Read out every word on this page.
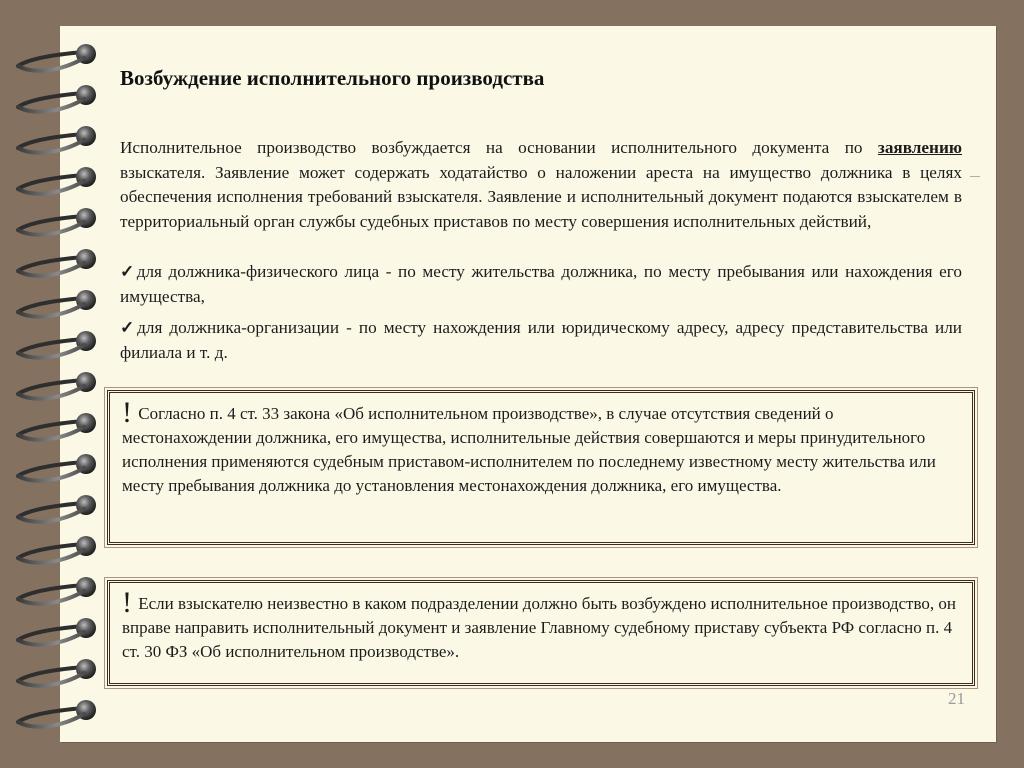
Возбуждение исполнительного производства

Исполнительное производство возбуждается на основании исполнительного документа по заявлению взыскателя. Заявление может содержать ходатайство о наложении ареста на имущество должника в целях обеспечения исполнения требований взыскателя. Заявление и исполнительный документ подаются взыскателем в территориальный орган службы судебных приставов по месту совершения исполнительных действий,

✓для должника-физического лица - по месту жительства должника, по месту пребывания или нахождения его имущества,

✓для должника-организации - по месту нахождения или юридическому адресу, адресу представительства или филиала и т. д.

! Согласно п. 4 ст. 33 закона «Об исполнительном производстве», в случае отсутствия сведений о местонахождении должника, его имущества, исполнительные действия совершаются и меры принудительного исполнения применяются судебным приставом-исполнителем по последнему известному месту жительства или месту пребывания должника до установления местонахождения должника, его имущества.
! Если взыскателю неизвестно в каком подразделении должно быть возбуждено исполнительное производство, он вправе направить исполнительный документ и заявление Главному судебному приставу субъекта РФ согласно п. 4 ст. 30 ФЗ «Об исполнительном производстве».
21
